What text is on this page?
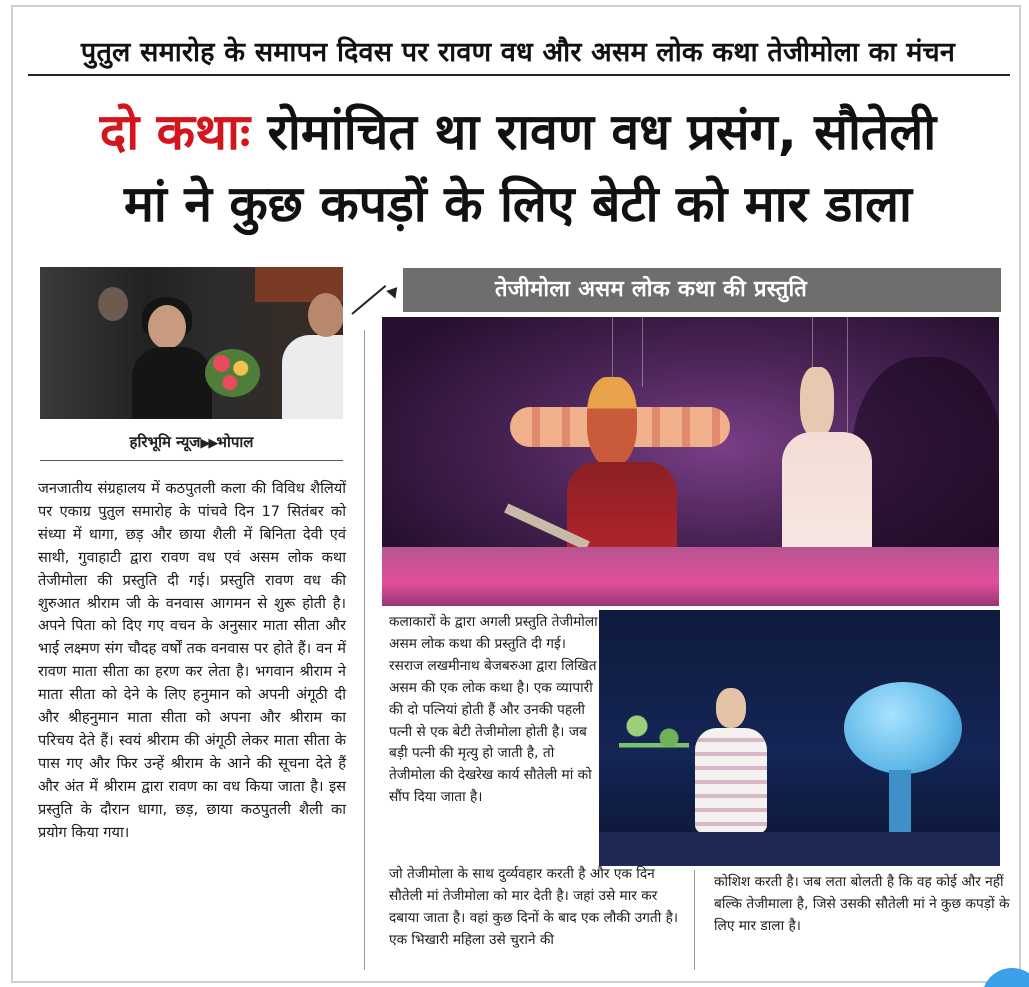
पुतुल समारोह के समापन दिवस पर रावण वध और असम लोक कथा तेजीमोला का मंचन
दो कथाः रोमांचित था रावण वध प्रसंग, सौतेली
मां ने कुछ कपड़ों के लिए बेटी को मार डाला
हरिभूमि न्यूज▶▶भोपाल
जनजातीय संग्रहालय में कठपुतली कला की विविध शैलियों पर एकाग्र पुतुल समारोह के पांचवे दिन 17 सितंबर को संध्या में धागा, छड़ और छाया शैली में बिनिता देवी एवं साथी, गुवाहाटी द्वारा रावण वध एवं असम लोक कथा तेजीमोला की प्रस्तुति दी गई। प्रस्तुति रावण वध की शुरुआत श्रीराम जी के वनवास आगमन से शुरू होती है। अपने पिता को दिए गए वचन के अनुसार माता सीता और भाई लक्ष्मण संग चौदह वर्षों तक वनवास पर होते हैं। वन में रावण माता सीता का हरण कर लेता है। भगवान श्रीराम ने माता सीता को देने के लिए हनुमान को अपनी अंगूठी दी और श्रीहनुमान माता सीता को अपना और श्रीराम का परिचय देते हैं। स्वयं श्रीराम की अंगूठी लेकर माता सीता के पास गए और फिर उन्हें श्रीराम के आने की सूचना देते हैं और अंत में श्रीराम द्वारा रावण का वध किया जाता है। इस प्रस्तुति के दौरान धागा, छड़, छाया कठपुतली शैली का प्रयोग किया गया।
तेजीमोला असम लोक कथा की प्रस्तुति
कलाकारों के द्वारा अगली प्रस्तुति तेजीमोला असम लोक कथा की प्रस्तुति दी गई। रसराज लखमीनाथ बेजबरुआ द्वारा लिखित असम की एक लोक कथा है। एक व्यापारी की दो पत्नियां होती हैं और उनकी पहली पत्नी से एक बेटी तेजीमोला होती है। जब बड़ी पत्नी की मृत्यु हो जाती है, तो तेजीमोला की देखरेख कार्य सौतेली मां को सौंप दिया जाता है।
जो तेजीमोला के साथ दुर्व्यवहार करती है और एक दिन सौतेली मां तेजीमोला को मार देती है। जहां उसे मार कर दबाया जाता है। वहां कुछ दिनों के बाद एक लौकी उगती है। एक भिखारी महिला उसे चुराने की
कोशिश करती है। जब लता बोलती है कि वह कोई और नहीं बल्कि तेजीमाला है, जिसे उसकी सौतेली मां ने कुछ कपड़ों के लिए मार डाला है।
